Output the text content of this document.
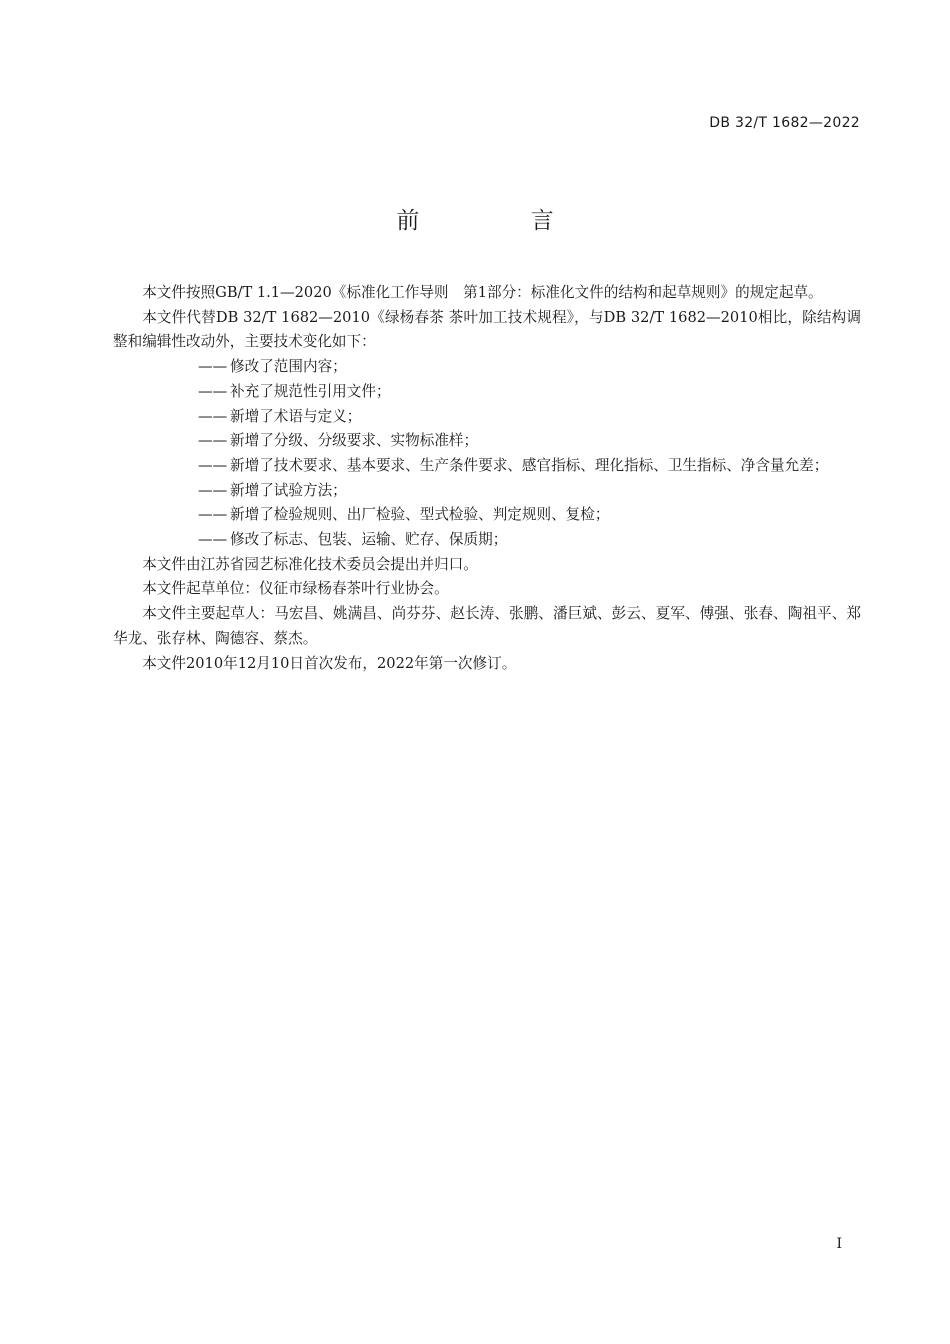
DB 32/T 1682—2022
前 言

本文件按照GB/T 1.1—2020《标准化工作导则　第1部分：标准化文件的结构和起草规则》的规定起草。

本文件代替DB 32/T 1682—2010《绿杨春茶 茶叶加工技术规程》，与DB 32/T 1682—2010相比，除结构调整和编辑性改动外，主要技术变化如下：

—— 修改了范围内容；
—— 补充了规范性引用文件；
—— 新增了术语与定义；
—— 新增了分级、分级要求、实物标准样；
—— 新增了技术要求、基本要求、生产条件要求、感官指标、理化指标、卫生指标、净含量允差；
—— 新增了试验方法；
—— 新增了检验规则、出厂检验、型式检验、判定规则、复检；
—— 修改了标志、包装、运输、贮存、保质期；

本文件由江苏省园艺标准化技术委员会提出并归口。

本文件起草单位：仪征市绿杨春茶叶行业协会。

本文件主要起草人：马宏昌、姚满昌、尚芬芬、赵长涛、张鹏、潘巨斌、彭云、夏军、傅强、张春、陶祖平、郑华龙、张存林、陶德容、蔡杰。

本文件2010年12月10日首次发布，2022年第一次修订。

I
